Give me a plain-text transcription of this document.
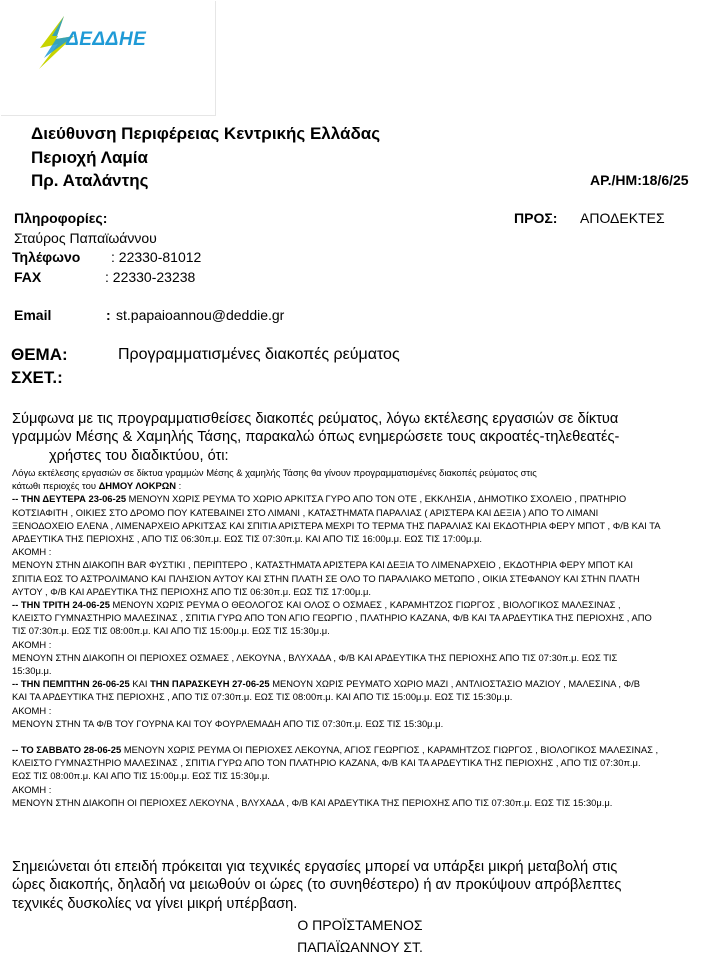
ΔΕΔΔΗΕ
Διεύθυνση Περιφέρειας Κεντρικής Ελλάδας
Περιοχή Λαμία
Πρ. Αταλάντης	ΑΡ./ΗΜ:18/6/25
Πληροφορίες:
Σταύρος Παπαϊωάννου
Τηλέφωνο : 22330-81012
FAX	: 22330-23238
Email	: st.papaioannou@deddie.gr
ΠΡΟΣ: ΑΠΟΔΕΚΤΕΣ
ΘΕΜΑ:	Προγραμματισμένες διακοπές ρεύματος
ΣΧΕΤ.:
Σύμφωνα με τις προγραμματισθείσες διακοπές ρεύματος, λόγω εκτέλεσης εργασιών σε δίκτυα
γραμμών Μέσης & Χαμηλής Τάσης, παρακαλώ όπως ενημερώσετε τους ακροατές-τηλεθεατές-
χρήστες του διαδικτύου, ότι:
Λόγω εκτέλεσης εργασιών σε δίκτυα γραμμών Μέσης & χαμηλής Τάσης θα γίνουν προγραμματισμένες διακοπές ρεύματος στις
κάτωθι περιοχές του ΔΗΜΟΥ ΛΟΚΡΩΝ :
-- ΤΗΝ ΔΕΥΤΕΡΑ 23-06-25 ΜΕΝΟΥΝ ΧΩΡΙΣ ΡΕΥΜΑ ΤΟ ΧΩΡΙΟ ΑΡΚΙΤΣΑ ΓΥΡΟ ΑΠΟ ΤΟΝ ΟΤΕ , ΕΚΚΛΗΣΙΑ , ΔΗΜΟΤΙΚΟ ΣΧΟΛΕΙΟ , ΠΡΑΤΗΡΙΟ
ΚΟΤΣΙΑΦΙΤΗ , ΟΙΚΙΕΣ ΣΤΟ ΔΡΟΜΟ ΠΟΥ ΚΑΤΕΒΑΙΝΕΙ ΣΤΟ ΛΙΜΑΝΙ , ΚΑΤΑΣΤΗΜΑΤΑ ΠΑΡΑΛΙΑΣ ( ΑΡΙΣΤΕΡΑ ΚΑΙ ΔΕΞΙΑ ) ΑΠΟ ΤΟ ΛΙΜΑΝΙ
ΞΕΝΟΔΟΧΕΙΟ ΕΛΕΝΑ , ΛΙΜΕΝΑΡΧΕΙΟ ΑΡΚΙΤΣΑΣ ΚΑΙ ΣΠΙΤΙΑ ΑΡΙΣΤΕΡΑ ΜΕΧΡΙ ΤΟ ΤΕΡΜΑ ΤΗΣ ΠΑΡΑΛΙΑΣ ΚΑΙ ΕΚΔΟΤΗΡΙΑ ΦΕΡΥ ΜΠΟΤ , Φ/Β ΚΑΙ ΤΑ
ΑΡΔΕΥΤΙΚΑ ΤΗΣ ΠΕΡΙΟΧΗΣ , ΑΠΟ ΤΙΣ 06:30π.μ. ΕΩΣ ΤΙΣ 07:30π.μ. ΚΑΙ ΑΠΟ ΤΙΣ 16:00μ.μ. ΕΩΣ ΤΙΣ 17:00μ.μ.
ΑΚΟΜΗ :
ΜΕΝΟΥΝ ΣΤΗΝ ΔΙΑΚΟΠΗ BAR ΦΥΣΤΙΚΙ , ΠΕΡΙΠΤΕΡΟ , ΚΑΤΑΣΤΗΜΑΤΑ ΑΡΙΣΤΕΡΑ ΚΑΙ ΔΕΞΙΑ ΤΟ ΛΙΜΕΝΑΡΧΕΙΟ , ΕΚΔΟΤΗΡΙΑ ΦΕΡΥ ΜΠΟΤ ΚΑΙ
ΣΠΙΤΙΑ ΕΩΣ ΤΟ ΑΣΤΡΟΛΙΜΑΝΟ ΚΑΙ ΠΛΗΣΙΟΝ ΑΥΤΟΥ ΚΑΙ ΣΤΗΝ ΠΛΑΤΗ ΣΕ ΟΛΟ ΤΟ ΠΑΡΑΛΙΑΚΟ ΜΕΤΩΠΟ , ΟΙΚΙΑ ΣΤΕΦΑΝΟΥ ΚΑΙ ΣΤΗΝ ΠΛΑΤΗ
ΑΥΤΟΥ , Φ/Β ΚΑΙ ΑΡΔΕΥΤΙΚΑ ΤΗΣ ΠΕΡΙΟΧΗΣ ΑΠΟ ΤΙΣ 06:30π.μ. ΕΩΣ ΤΙΣ 17:00μ.μ.
-- ΤΗΝ ΤΡΙΤΗ 24-06-25 ΜΕΝΟΥΝ ΧΩΡΙΣ ΡΕΥΜΑ Ο ΘΕΟΛΟΓΟΣ ΚΑΙ ΟΛΟΣ Ο ΟΣΜΑΕΣ , ΚΑΡΑΜΗΤΖΟΣ ΓΙΩΡΓΟΣ , ΒΙΟΛΟΓΙΚΟΣ ΜΑΛΕΣΙΝΑΣ ,
ΚΛΕΙΣΤΟ ΓΥΜΝΑΣΤΗΡΙΟ ΜΑΛΕΣΙΝΑΣ , ΣΠΙΤΙΑ ΓΥΡΩ ΑΠΟ ΤΟΝ ΑΓΙΟ ΓΕΩΡΓΙΟ , ΠΛΑΤΗΡΙΟ ΚΑΖΑΝΑ, Φ/Β ΚΑΙ ΤΑ ΑΡΔΕΥΤΙΚΑ ΤΗΣ ΠΕΡΙΟΧΗΣ , ΑΠΟ
ΤΙΣ 07:30π.μ. ΕΩΣ ΤΙΣ 08:00π.μ. ΚΑΙ ΑΠΟ ΤΙΣ 15:00μ.μ. ΕΩΣ ΤΙΣ 15:30μ.μ.
ΑΚΟΜΗ :
ΜΕΝΟΥΝ ΣΤΗΝ ΔΙΑΚΟΠΗ ΟΙ ΠΕΡΙΟΧΕΣ ΟΣΜΑΕΣ , ΛΕΚΟΥΝΑ , ΒΛΥΧΑΔΑ , Φ/Β ΚΑΙ ΑΡΔΕΥΤΙΚΑ ΤΗΣ ΠΕΡΙΟΧΗΣ ΑΠΟ ΤΙΣ 07:30π.μ. ΕΩΣ ΤΙΣ
15:30μ.μ.
-- ΤΗΝ ΠΕΜΠΤΗΝ 26-06-25 ΚΑΙ ΤΗΝ ΠΑΡΑΣΚΕΥΗ 27-06-25 ΜΕΝΟΥΝ ΧΩΡΙΣ ΡΕΥΜΑΤΟ ΧΩΡΙΟ ΜΑΖΙ , ΑΝΤΛΙΟΣΤΑΣΙΟ ΜΑΖΙΟΥ , ΜΑΛΕΣΙΝΑ , Φ/Β
ΚΑΙ ΤΑ ΑΡΔΕΥΤΙΚΑ ΤΗΣ ΠΕΡΙΟΧΗΣ , ΑΠΟ ΤΙΣ 07:30π.μ. ΕΩΣ ΤΙΣ 08:00π.μ. ΚΑΙ ΑΠΟ ΤΙΣ 15:00μ.μ. ΕΩΣ ΤΙΣ 15:30μ.μ.
ΑΚΟΜΗ :
ΜΕΝΟΥΝ ΣΤΗΝ ΤΑ Φ/Β ΤΟΥ ΓΟΥΡΝΑ ΚΑΙ ΤΟΥ ΦΟΥΡΛΕΜΑΔΗ ΑΠΟ ΤΙΣ 07:30π.μ. ΕΩΣ ΤΙΣ 15:30μ.μ.
-- ΤΟ ΣΑΒΒΑΤΟ 28-06-25 ΜΕΝΟΥΝ ΧΩΡΙΣ ΡΕΥΜΑ ΟΙ ΠΕΡΙΟΧΕΣ ΛΕΚΟΥΝΑ, ΑΓΙΟΣ ΓΕΩΡΓΙΟΣ , ΚΑΡΑΜΗΤΖΟΣ ΓΙΩΡΓΟΣ , ΒΙΟΛΟΓΙΚΟΣ ΜΑΛΕΣΙΝΑΣ ,
ΚΛΕΙΣΤΟ ΓΥΜΝΑΣΤΗΡΙΟ ΜΑΛΕΣΙΝΑΣ , ΣΠΙΤΙΑ ΓΥΡΩ ΑΠΟ ΤΟΝ ΠΛΑΤΗΡΙΟ ΚΑΖΑΝΑ, Φ/Β ΚΑΙ ΤΑ ΑΡΔΕΥΤΙΚΑ ΤΗΣ ΠΕΡΙΟΧΗΣ , ΑΠΟ ΤΙΣ 07:30π.μ.
ΕΩΣ ΤΙΣ 08:00π.μ. ΚΑΙ ΑΠΟ ΤΙΣ 15:00μ.μ. ΕΩΣ ΤΙΣ 15:30μ.μ.
ΑΚΟΜΗ :
ΜΕΝΟΥΝ ΣΤΗΝ ΔΙΑΚΟΠΗ ΟΙ ΠΕΡΙΟΧΕΣ ΛΕΚΟΥΝΑ , ΒΛΥΧΑΔΑ , Φ/Β ΚΑΙ ΑΡΔΕΥΤΙΚΑ ΤΗΣ ΠΕΡΙΟΧΗΣ ΑΠΟ ΤΙΣ 07:30π.μ. ΕΩΣ ΤΙΣ 15:30μ.μ.
Σημειώνεται ότι επειδή πρόκειται για τεχνικές εργασίες μπορεί να υπάρξει μικρή μεταβολή στις
ώρες διακοπής, δηλαδή να μειωθούν οι ώρες (το συνηθέστερο) ή αν προκύψουν απρόβλεπτες
τεχνικές δυσκολίες να γίνει μικρή υπέρβαση.
Ο ΠΡΟΪΣΤΑΜΕΝΟΣ
ΠΑΠΑΪΩΑΝΝΟΥ ΣΤ.
